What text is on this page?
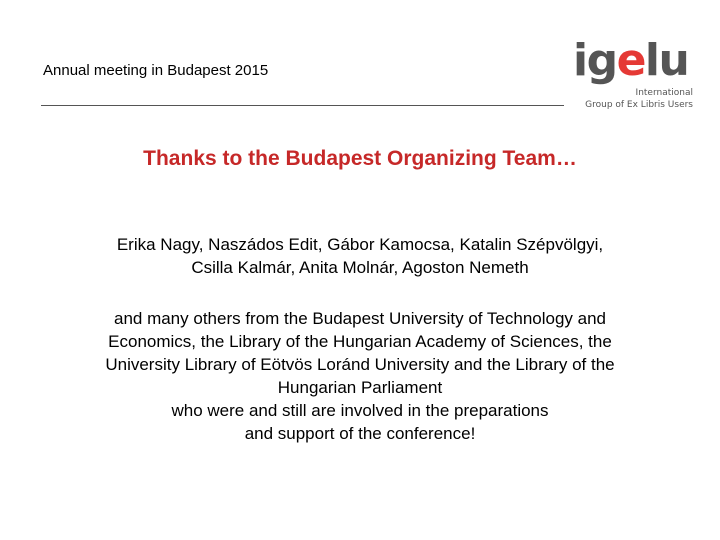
Annual meeting in Budapest 2015	igelu
International
Group of Ex Libris Users
Thanks to the Budapest Organizing Team…
Erika Nagy, Naszádos Edit, Gábor Kamocsa, Katalin Szépvölgyi,
Csilla Kalmár, Anita Molnár, Agoston Nemeth
and many others from the Budapest University of Technology and
Economics, the Library of the Hungarian Academy of Sciences, the
University Library of Eötvös Loránd University and the Library of the
Hungarian Parliament
who were and still are involved in the preparations
and support of the conference!
